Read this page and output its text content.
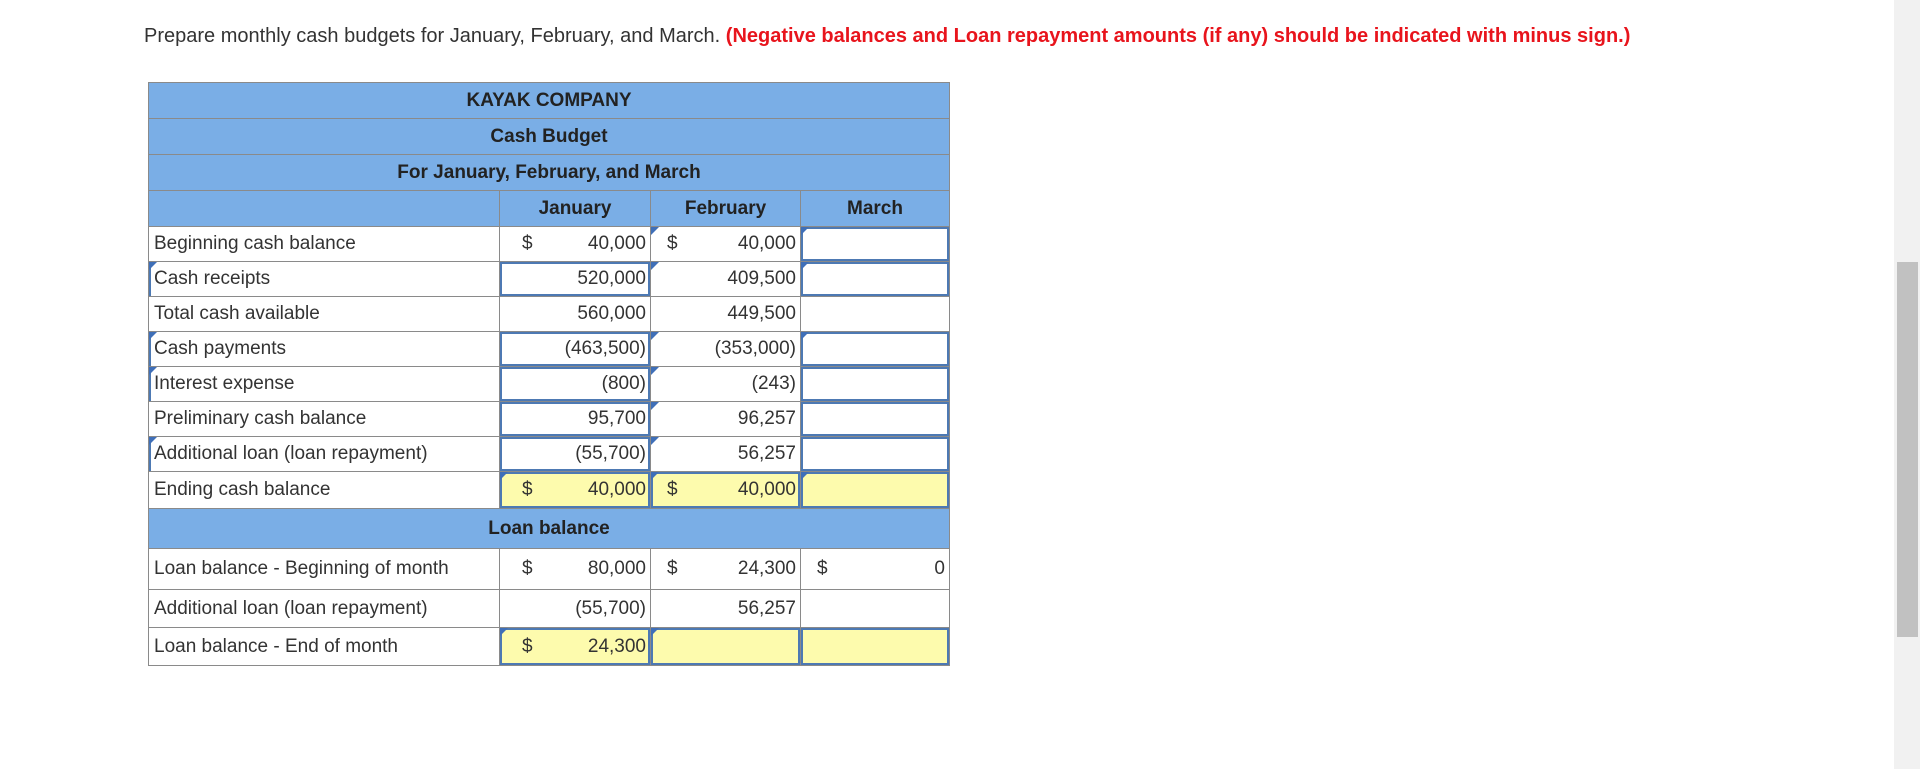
Prepare monthly cash budgets for January, February, and March. (Negative balances and Loan repayment amounts (if any) should be indicated with minus sign.)
KAYAK COMPANY			
Cash Budget			
For January, February, and March			
	January	February	March
Beginning cash balance	$ 40,000	$ 40,000	

Cash receipts	520,000	409,500	

Total cash available	560,000	449,500	

Cash payments	(463,500)	(353,000)	

Interest expense	(800)	(243)	

Preliminary cash balance	95,700	96,257	

Additional loan (loan repayment)	(55,700)	56,257	

Ending cash balance	$ 40,000	$ 40,000	

Loan balance			
Loan balance - Beginning of month	$ 80,000	$ 24,300	$ 0

Additional loan (loan repayment)	(55,700)	56,257	

Loan balance - End of month	$ 24,300		
